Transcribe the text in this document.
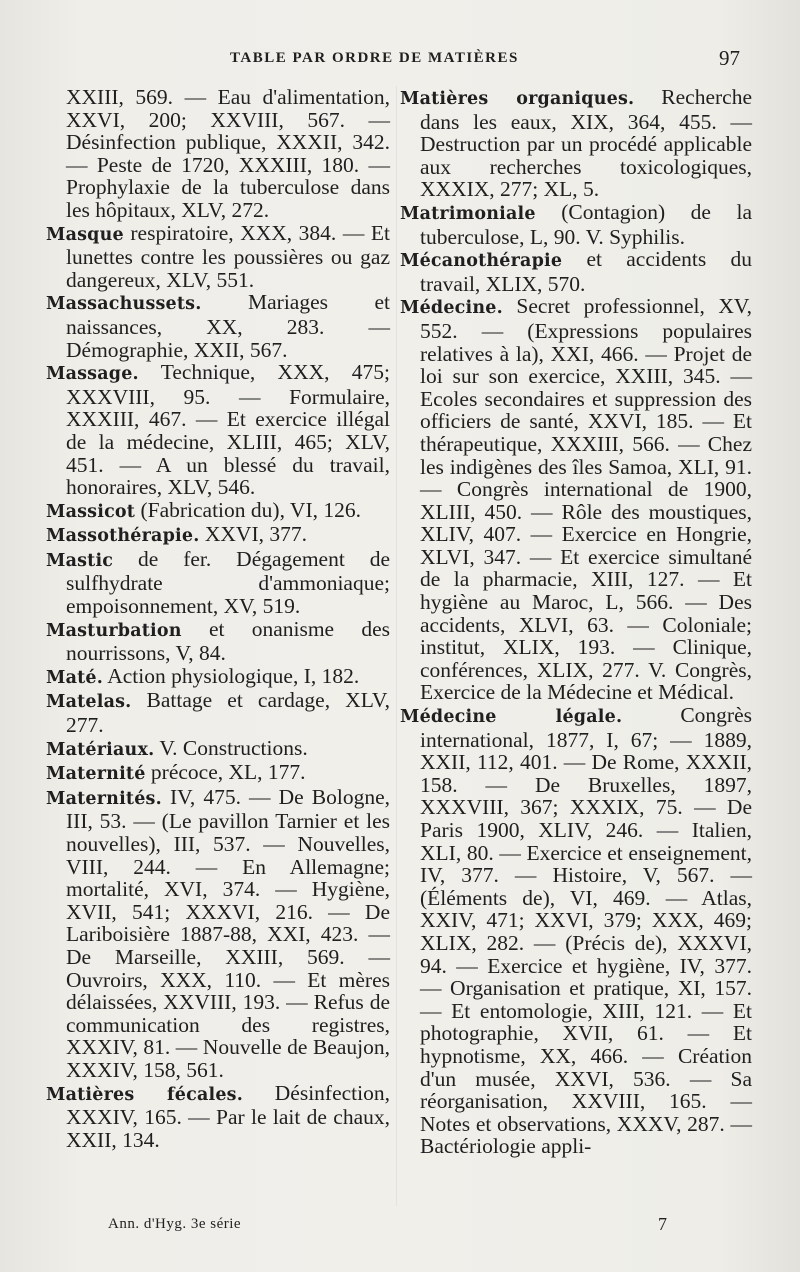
TABLE PAR ORDRE DE MATIÈRES	97

XXIII, 569. — Eau d'alimentation, XXVI, 200; XXVIII, 567. — Désinfection publique, XXXII, 342. — Peste de 1720, XXXIII, 180. — Prophylaxie de la tuberculose dans les hôpitaux, XLV, 272.

Masque respiratoire, XXX, 384. — Et lunettes contre les poussières ou gaz dangereux, XLV, 551.

Massachussets. Mariages et naissances, XX, 283. — Démographie, XXII, 567.

Massage. Technique, XXX, 475; XXXVIII, 95. — Formulaire, XXXIII, 467. — Et exercice illégal de la médecine, XLIII, 465; XLV, 451. — A un blessé du travail, honoraires, XLV, 546.

Massicot (Fabrication du), VI, 126.

Massothérapie. XXVI, 377.

Mastic de fer. Dégagement de sulfhydrate d'ammoniaque; empoisonnement, XV, 519.

Masturbation et onanisme des nourrissons, V, 84.

Maté. Action physiologique, I, 182.

Matelas. Battage et cardage, XLV, 277.

Matériaux. V. Constructions.

Maternité précoce, XL, 177.

Maternités. IV, 475. — De Bologne, III, 53. — (Le pavillon Tarnier et les nouvelles), III, 537. — Nouvelles, VIII, 244. — En Allemagne; mortalité, XVI, 374. — Hygiène, XVII, 541; XXXVI, 216. — De Lariboisière 1887-88, XXI, 423. — De Marseille, XXIII, 569. — Ouvroirs, XXX, 110. — Et mères délaissées, XXVIII, 193. — Refus de communication des registres, XXXIV, 81. — Nouvelle de Beaujon, XXXIV, 158, 561.

Matières fécales. Désinfection, XXXIV, 165. — Par le lait de chaux, XXII, 134.

Matières organiques. Recherche dans les eaux, XIX, 364, 455. — Destruction par un procédé applicable aux recherches toxicologiques, XXXIX, 277; XL, 5.

Matrimoniale (Contagion) de la tuberculose, L, 90. V. Syphilis.

Mécanothérapie et accidents du travail, XLIX, 570.

Médecine. Secret professionnel, XV, 552. — (Expressions populaires relatives à la), XXI, 466. — Projet de loi sur son exercice, XXIII, 345. — Ecoles secondaires et suppression des officiers de santé, XXVI, 185. — Et thérapeutique, XXXIII, 566. — Chez les indigènes des îles Samoa, XLI, 91. — Congrès international de 1900, XLIII, 450. — Rôle des moustiques, XLIV, 407. — Exercice en Hongrie, XLVI, 347. — Et exercice simultané de la pharmacie, XIII, 127. — Et hygiène au Maroc, L, 566. — Des accidents, XLVI, 63. — Coloniale; institut, XLIX, 193. — Clinique, conférences, XLIX, 277. V. Congrès, Exercice de la Médecine et Médical.

Médecine légale. Congrès international, 1877, I, 67; — 1889, XXII, 112, 401. — De Rome, XXXII, 158. — De Bruxelles, 1897, XXXVIII, 367; XXXIX, 75. — De Paris 1900, XLIV, 246. — Italien, XLI, 80. — Exercice et enseignement, IV, 377. — Histoire, V, 567. — (Éléments de), VI, 469. — Atlas, XXIV, 471; XXVI, 379; XXX, 469; XLIX, 282. — (Précis de), XXXVI, 94. — Exercice et hygiène, IV, 377. — Organisation et pratique, XI, 157. — Et entomologie, XIII, 121. — Et photographie, XVII, 61. — Et hypnotisme, XX, 466. — Création d'un musée, XXVI, 536. — Sa réorganisation, XXVIII, 165. — Notes et observations, XXXV, 287. — Bactériologie appli-

Ann. d'Hyg. 3e série	7
